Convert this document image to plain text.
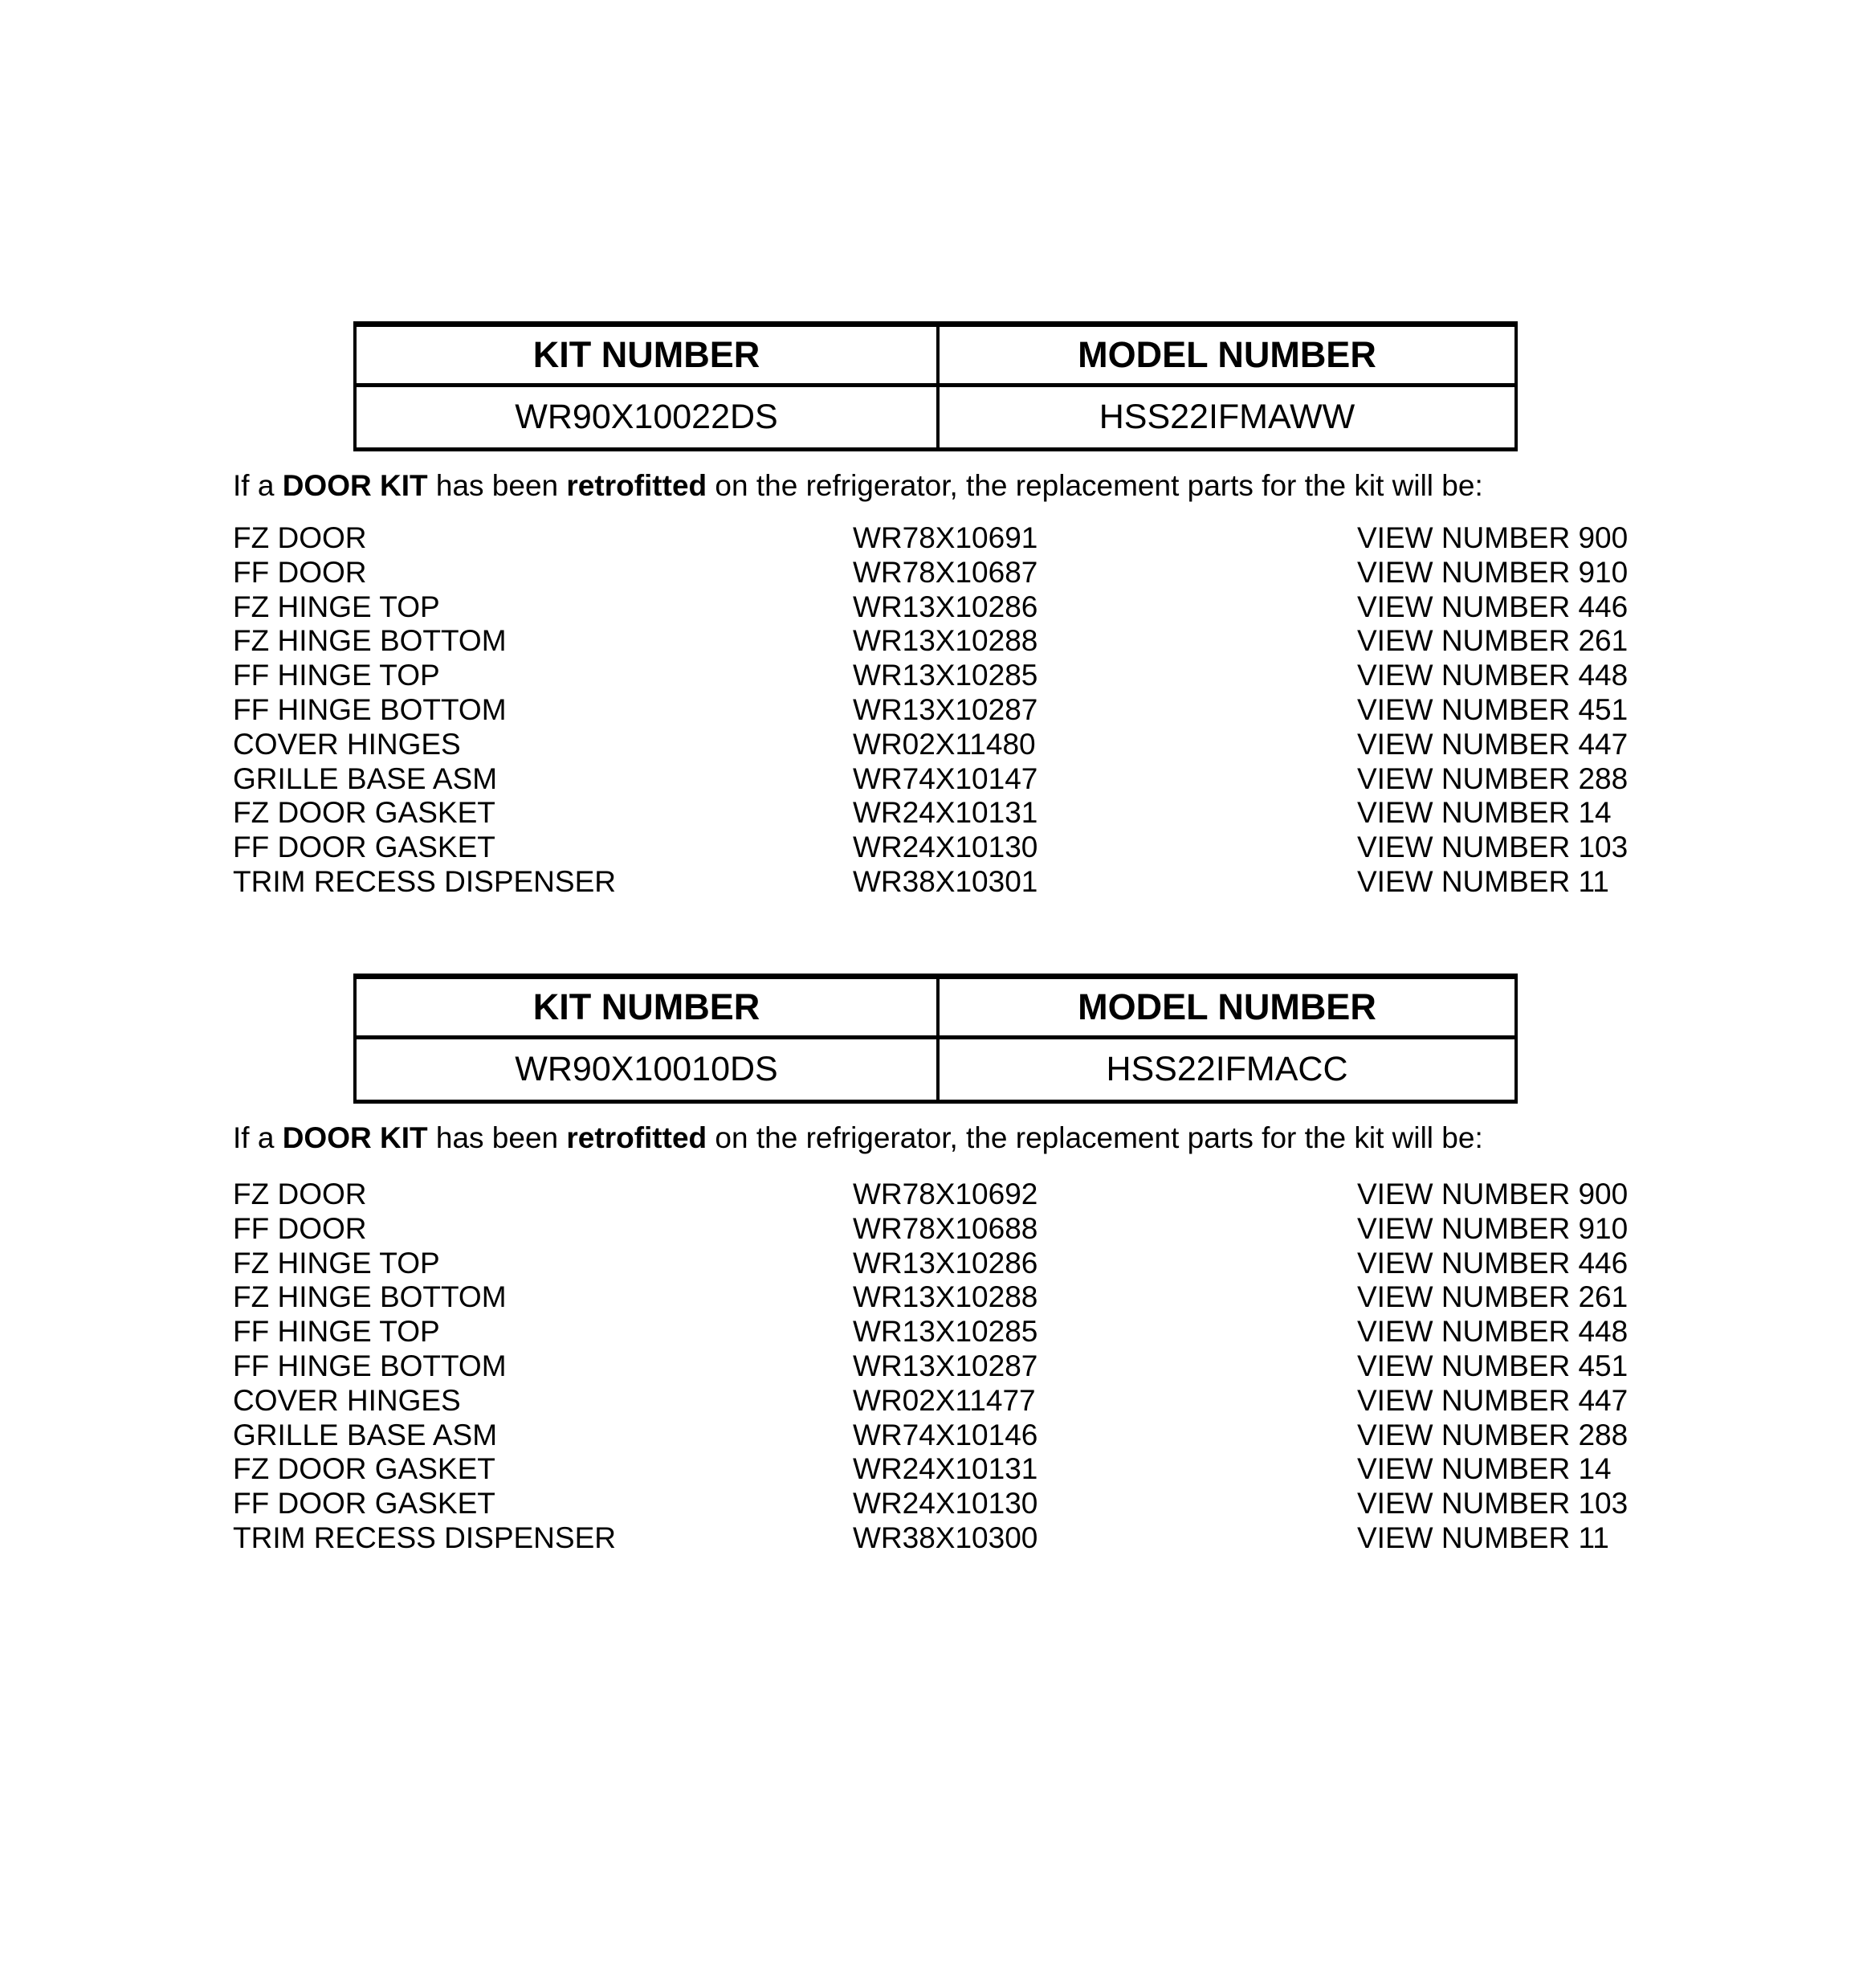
KIT NUMBER	MODEL NUMBER
WR90X10022DS	HSS22IFMAWW
If a DOOR KIT has been retrofitted on the refrigerator, the replacement parts for the kit will be:
FZ DOOR	WR78X10691	VIEW NUMBER 900
FF DOOR	WR78X10687	VIEW NUMBER 910
FZ HINGE TOP	WR13X10286	VIEW NUMBER 446
FZ HINGE BOTTOM	WR13X10288	VIEW NUMBER 261
FF HINGE TOP	WR13X10285	VIEW NUMBER 448
FF HINGE BOTTOM	WR13X10287	VIEW NUMBER 451
COVER HINGES	WR02X11480	VIEW NUMBER 447
GRILLE BASE ASM	WR74X10147	VIEW NUMBER 288
FZ DOOR GASKET	WR24X10131	VIEW NUMBER 14
FF DOOR GASKET	WR24X10130	VIEW NUMBER 103
TRIM RECESS DISPENSER	WR38X10301	VIEW NUMBER 11
KIT NUMBER	MODEL NUMBER
WR90X10010DS	HSS22IFMACC
If a DOOR KIT has been retrofitted on the refrigerator, the replacement parts for the kit will be:
FZ DOOR	WR78X10692	VIEW NUMBER 900
FF DOOR	WR78X10688	VIEW NUMBER 910
FZ HINGE TOP	WR13X10286	VIEW NUMBER 446
FZ HINGE BOTTOM	WR13X10288	VIEW NUMBER 261
FF HINGE TOP	WR13X10285	VIEW NUMBER 448
FF HINGE BOTTOM	WR13X10287	VIEW NUMBER 451
COVER HINGES	WR02X11477	VIEW NUMBER 447
GRILLE BASE ASM	WR74X10146	VIEW NUMBER 288
FZ DOOR GASKET	WR24X10131	VIEW NUMBER 14
FF DOOR GASKET	WR24X10130	VIEW NUMBER 103
TRIM RECESS DISPENSER	WR38X10300	VIEW NUMBER 11
